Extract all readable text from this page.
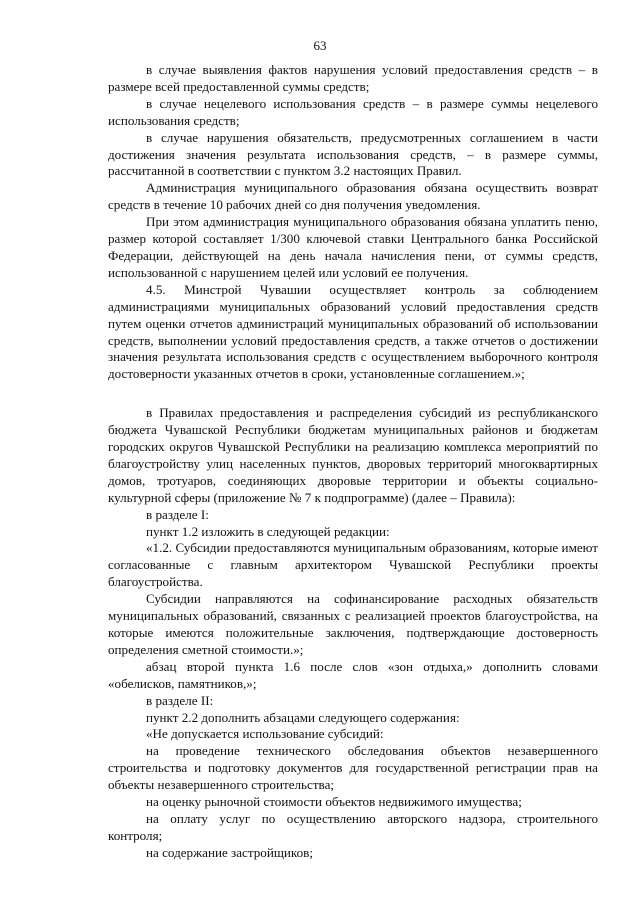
63

в случае выявления фактов нарушения условий предоставления средств – в размере всей предоставленной суммы средств;

в случае нецелевого использования средств – в размере суммы нецелевого использования средств;

в случае нарушения обязательств, предусмотренных соглашением в части достижения значения результата использования средств, – в размере суммы, рассчитанной в соответствии с пунктом 3.2 настоящих Правил.

Администрация муниципального образования обязана осуществить возврат средств в течение 10 рабочих дней со дня получения уведомления.

При этом администрация муниципального образования обязана уплатить пеню, размер которой составляет 1/300 ключевой ставки Центрального банка Российской Федерации, действующей на день начала начисления пени, от суммы средств, использованной с нарушением целей или условий ее получения.

4.5. Минстрой Чувашии осуществляет контроль за соблюдением администрациями муниципальных образований условий предоставления средств путем оценки отчетов администраций муниципальных образований об использовании средств, выполнении условий предоставления средств, а также отчетов о достижении значения результата использования средств с осуществлением выборочного контроля достоверности указанных отчетов в сроки, установленные соглашением.»;

в Правилах предоставления и распределения субсидий из республиканского бюджета Чувашской Республики бюджетам муниципальных районов и бюджетам городских округов Чувашской Республики на реализацию комплекса мероприятий по благоустройству улиц населенных пунктов, дворовых территорий многоквартирных домов, тротуаров, соединяющих дворовые территории и объекты социально-культурной сферы (приложение № 7 к подпрограмме) (далее – Правила):

в разделе I:

пункт 1.2 изложить в следующей редакции:

«1.2. Субсидии предоставляются муниципальным образованиям, которые имеют согласованные с главным архитектором Чувашской Республики проекты благоустройства.

Субсидии направляются на софинансирование расходных обязательств муниципальных образований, связанных с реализацией проектов благоустройства, на которые имеются положительные заключения, подтверждающие достоверность определения сметной стоимости.»;

абзац второй пункта 1.6 после слов «зон отдыха,» дополнить словами «обелисков, памятников,»;

в разделе II:

пункт 2.2 дополнить абзацами следующего содержания:

«Не допускается использование субсидий:

на проведение технического обследования объектов незавершенного строительства и подготовку документов для государственной регистрации прав на объекты незавершенного строительства;

на оценку рыночной стоимости объектов недвижимого имущества;

на оплату услуг по осуществлению авторского надзора, строительного контроля;

на содержание застройщиков;
